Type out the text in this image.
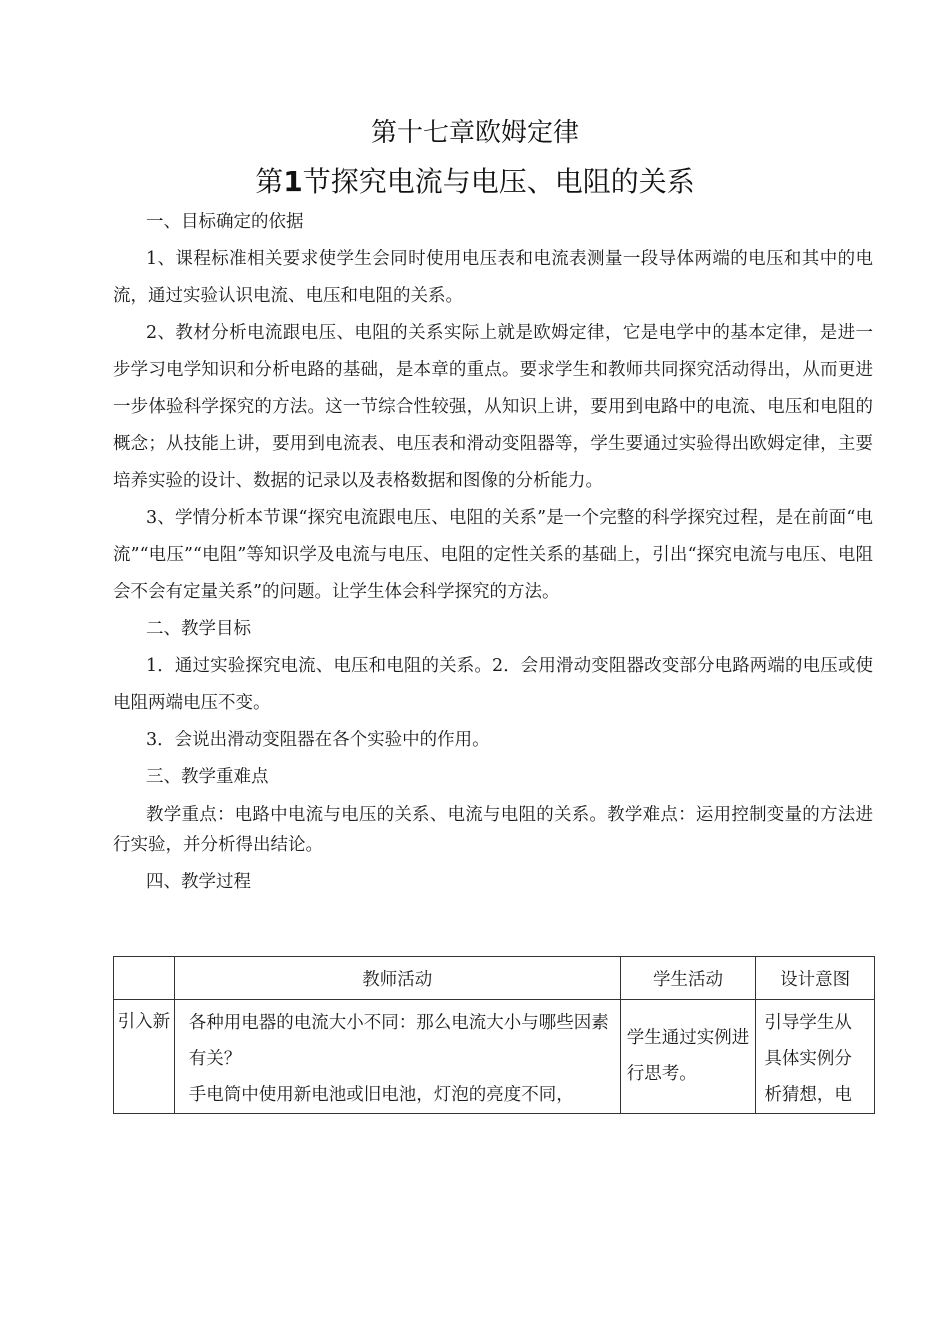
第十七章欧姆定律
第1节探究电流与电压、电阻的关系

一、目标确定的依据

1、课程标准相关要求使学生会同时使用电压表和电流表测量一段导体两端的电压和其中的电流，通过实验认识电流、电压和电阻的关系。

2、教材分析电流跟电压、电阻的关系实际上就是欧姆定律，它是电学中的基本定律，是进一步学习电学知识和分析电路的基础，是本章的重点。要求学生和教师共同探究活动得出，从而更进一步体验科学探究的方法。这一节综合性较强，从知识上讲，要用到电路中的电流、电压和电阻的概念；从技能上讲，要用到电流表、电压表和滑动变阻器等，学生要通过实验得出欧姆定律，主要培养实验的设计、数据的记录以及表格数据和图像的分析能力。

3、学情分析本节课“探究电流跟电压、电阻的关系”是一个完整的科学探究过程，是在前面“电流”“电压”“电阻”等知识学及电流与电压、电阻的定性关系的基础上，引出“探究电流与电压、电阻会不会有定量关系”的问题。让学生体会科学探究的方法。

二、教学目标

1．通过实验探究电流、电压和电阻的关系。2．会用滑动变阻器改变部分电路两端的电压或使电阻两端电压不变。

3．会说出滑动变阻器在各个实验中的作用。

三、教学重难点

教学重点：电路中电流与电压的关系、电流与电阻的关系。教学难点：运用控制变量的方法进行实验，并分析得出结论。

四、教学过程

	教师活动	学生活动	设计意图
引入新	各种用电器的电流大小不同：那么电流大小与哪些因素有关？
手电筒中使用新电池或旧电池，灯泡的亮度不同，	学生通过实例进行思考。	引导学生从具体实例分析猜想，电
